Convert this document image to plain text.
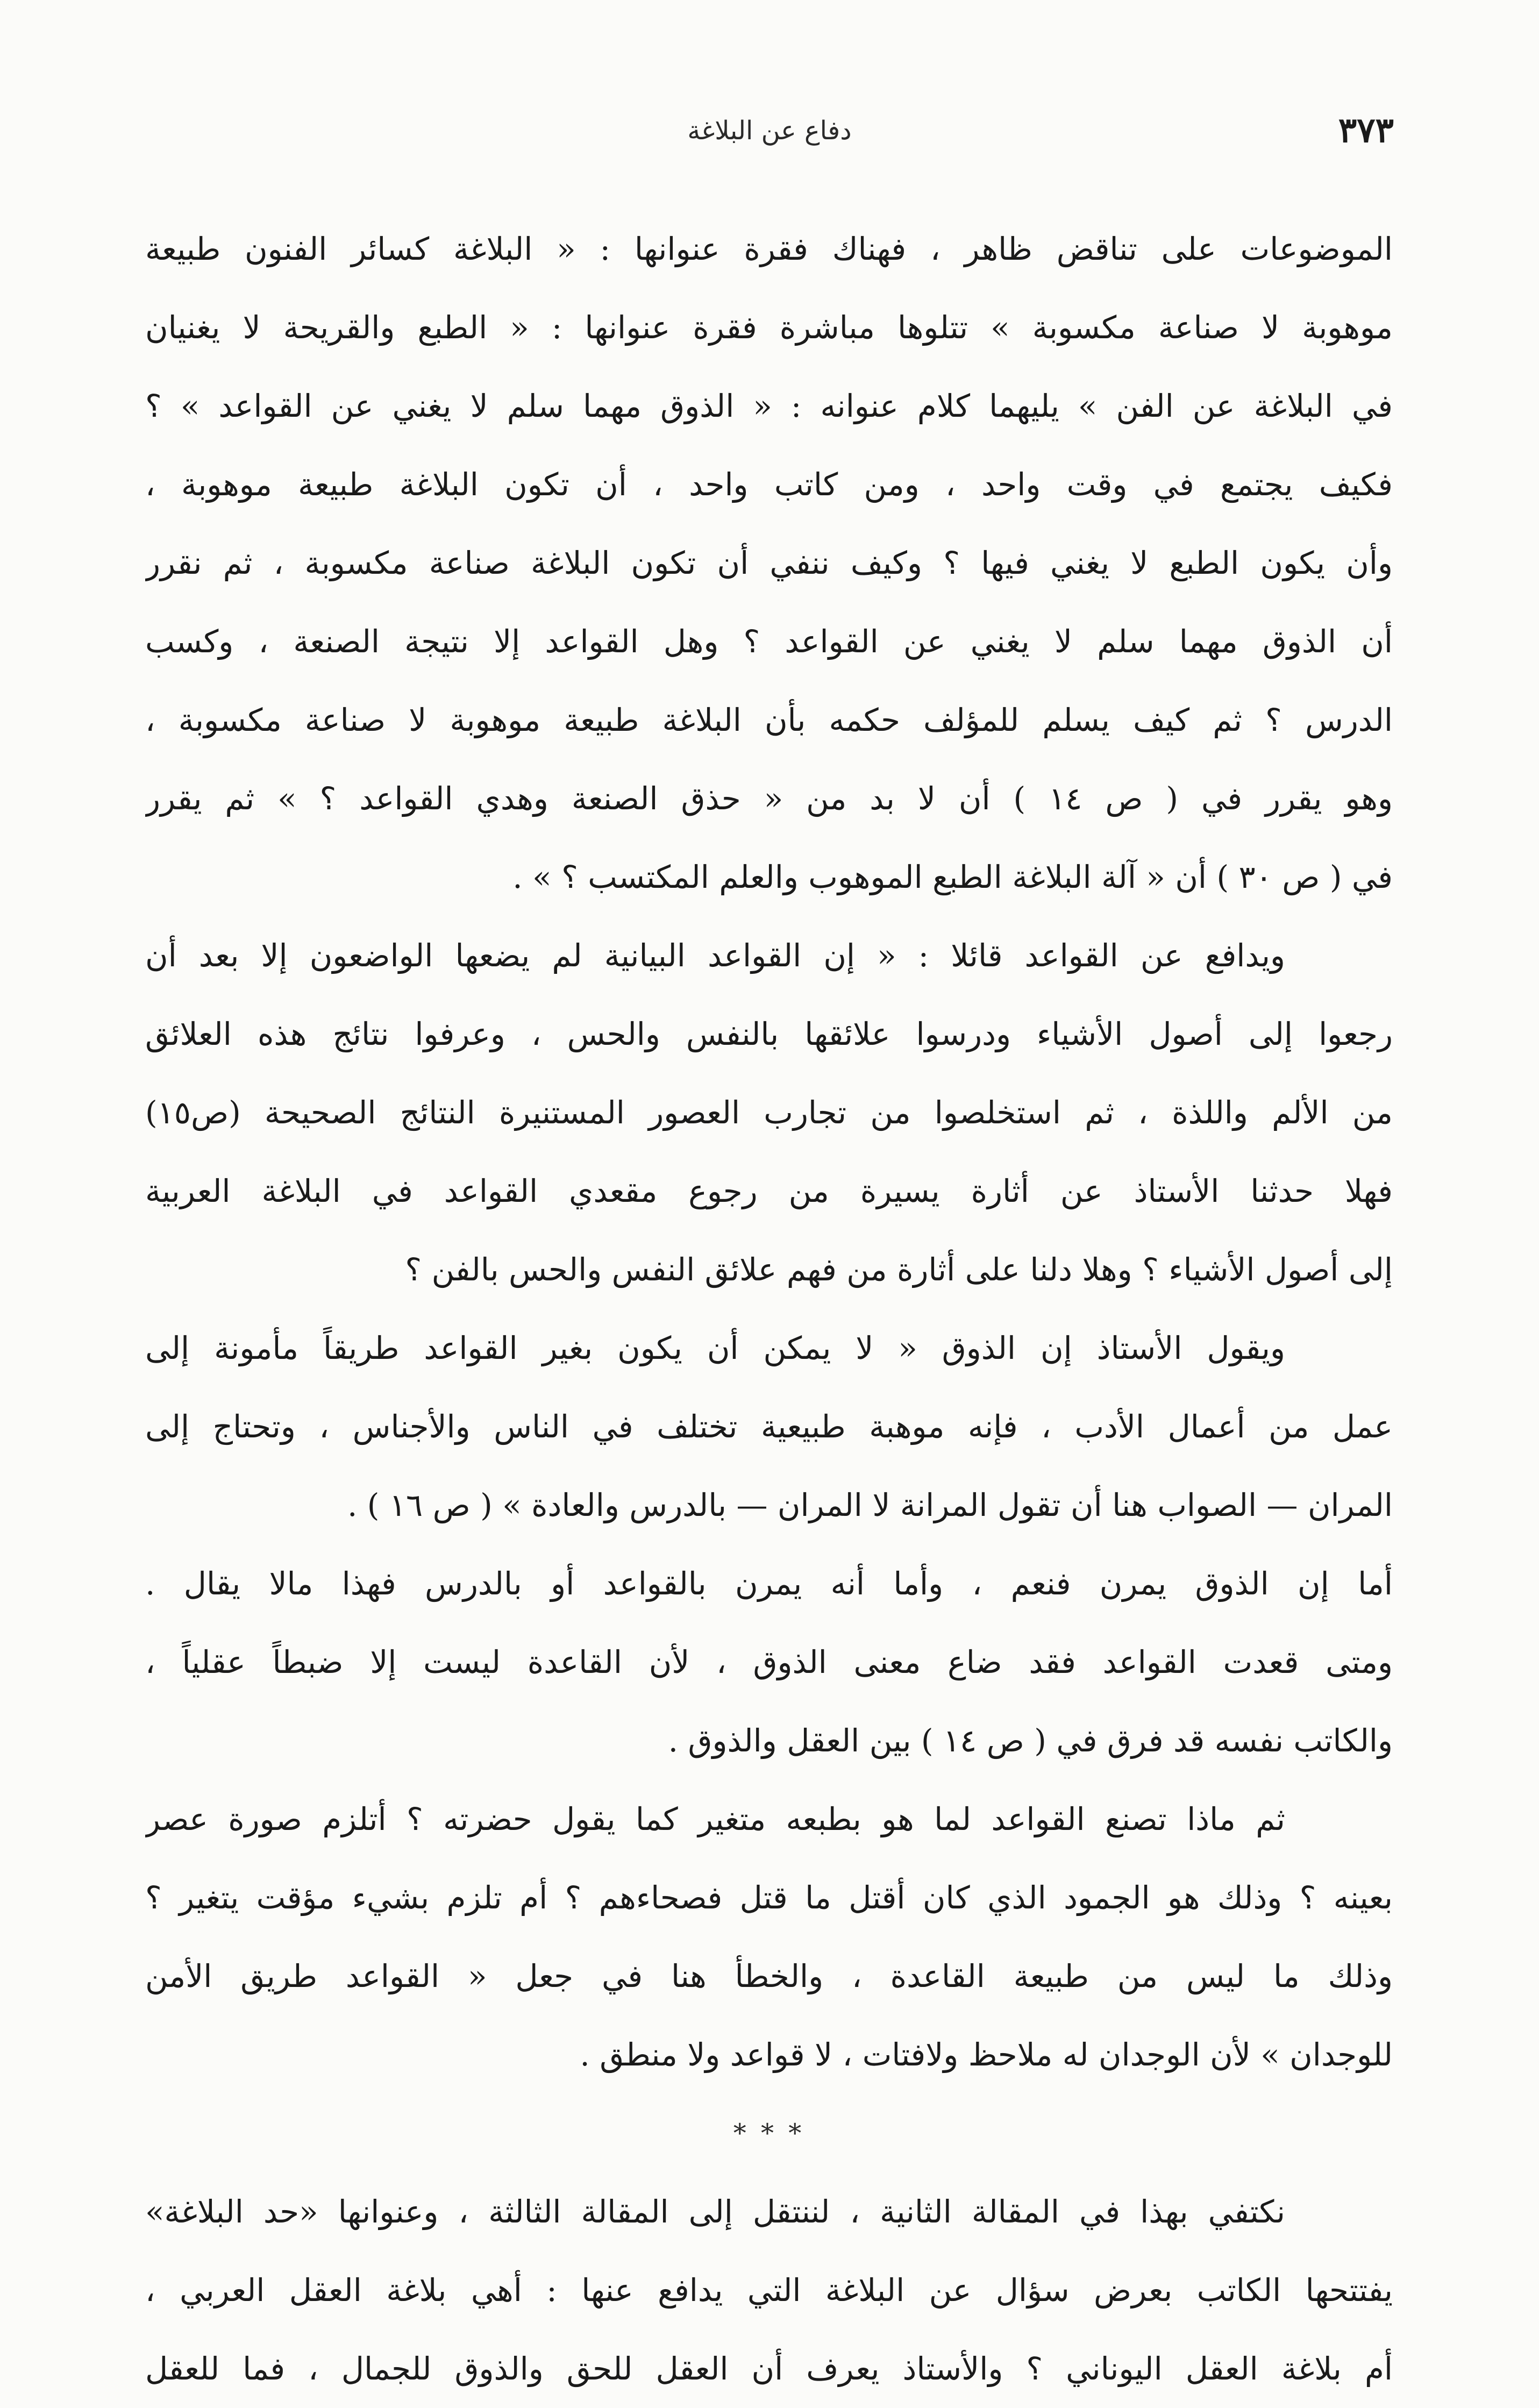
٣٧٣
دفاع عن البلاغة
الموضوعات على تناقض ظاهر ، فهناك فقرة عنوانها : « البلاغة كسائر الفنون طبيعة
موهوبة لا صناعة مكسوبة » تتلوها مباشرة فقرة عنوانها : « الطبع والقريحة لا يغنيان
في البلاغة عن الفن » يليهما كلام عنوانه : « الذوق مهما سلم لا يغني عن القواعد » ؟
فكيف يجتمع في وقت واحد ، ومن كاتب واحد ، أن تكون البلاغة طبيعة موهوبة ،
وأن يكون الطبع لا يغني فيها ؟ وكيف ننفي أن تكون البلاغة صناعة مكسوبة ، ثم نقرر
أن الذوق مهما سلم لا يغني عن القواعد ؟ وهل القواعد إلا نتيجة الصنعة ، وكسب
الدرس ؟ ثم كيف يسلم للمؤلف حكمه بأن البلاغة طبيعة موهوبة لا صناعة مكسوبة ،
وهو يقرر في ( ص ١٤ ) أن لا بد من « حذق الصنعة وهدي القواعد ؟ » ثم يقرر
في ( ص ٣٠ ) أن « آلة البلاغة الطبع الموهوب والعلم المكتسب ؟ » .
ويدافع عن القواعد قائلا : « إن القواعد البيانية لم يضعها الواضعون إلا بعد أن
رجعوا إلى أصول الأشياء ودرسوا علائقها بالنفس والحس ، وعرفوا نتائج هذه العلائق
من الألم واللذة ، ثم استخلصوا من تجارب العصور المستنيرة النتائج الصحيحة (ص١٥)
فهلا حدثنا الأستاذ عن أثارة يسيرة من رجوع مقعدي القواعد في البلاغة العربية
إلى أصول الأشياء ؟ وهلا دلنا على أثارة من فهم علائق النفس والحس بالفن ؟
ويقول الأستاذ إن الذوق « لا يمكن أن يكون بغير القواعد طريقاً مأمونة إلى
عمل من أعمال الأدب ، فإنه موهبة طبيعية تختلف في الناس والأجناس ، وتحتاج إلى
المران — الصواب هنا أن تقول المرانة لا المران — بالدرس والعادة » ( ص ١٦ ) .
أما إن الذوق يمرن فنعم ، وأما أنه يمرن بالقواعد أو بالدرس فهذا مالا يقال .
ومتى قعدت القواعد فقد ضاع معنى الذوق ، لأن القاعدة ليست إلا ضبطاً عقلياً ،
والكاتب نفسه قد فرق في ( ص ١٤ ) بين العقل والذوق .
ثم ماذا تصنع القواعد لما هو بطبعه متغير كما يقول حضرته ؟ أتلزم صورة عصر
بعينه ؟ وذلك هو الجمود الذي كان أقتل ما قتل فصحاءهم ؟ أم تلزم بشيء مؤقت يتغير ؟
وذلك ما ليس من طبيعة القاعدة ، والخطأ هنا في جعل « القواعد طريق الأمن
للوجدان » لأن الوجدان له ملاحظ ولافتات ، لا قواعد ولا منطق .
* * *
نكتفي بهذا في المقالة الثانية ، لننتقل إلى المقالة الثالثة ، وعنوانها «حد البلاغة»
يفتتحها الكاتب بعرض سؤال عن البلاغة التي يدافع عنها : أهي بلاغة العقل العربي ،
أم بلاغة العقل اليوناني ؟ والأستاذ يعرف أن العقل للحق والذوق للجمال ، فما للعقل
